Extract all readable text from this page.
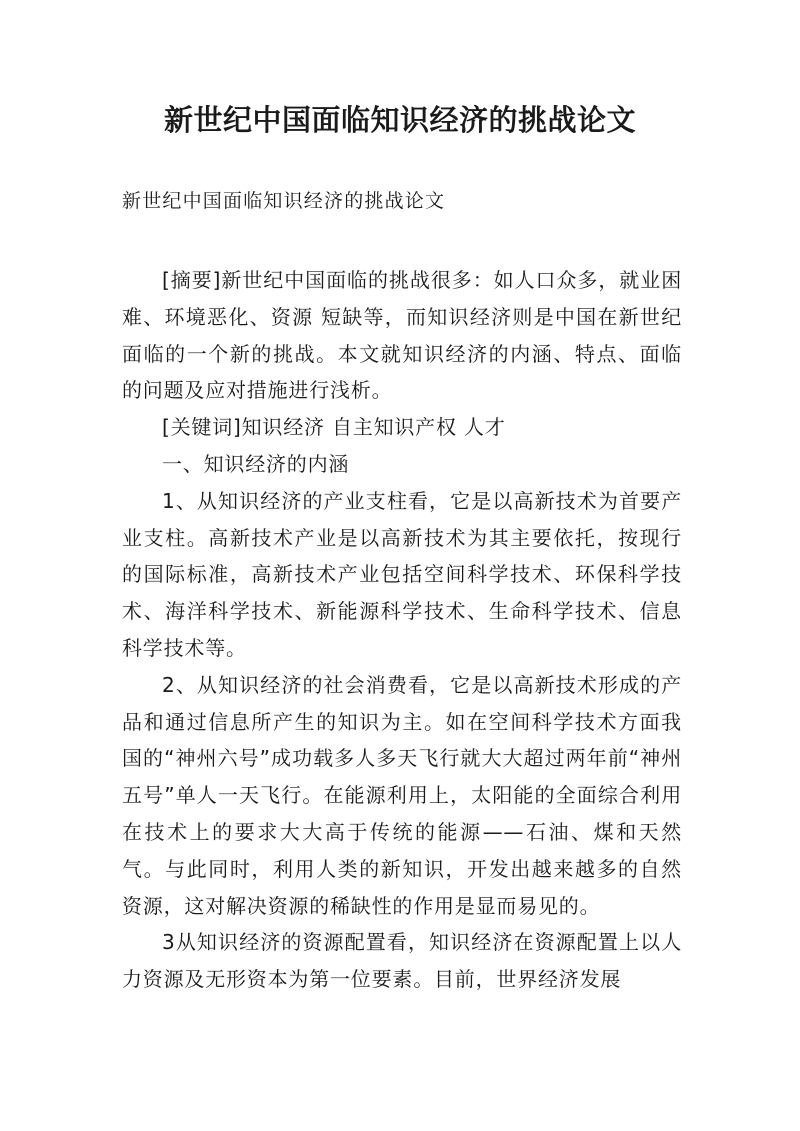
新世纪中国面临知识经济的挑战论文
新世纪中国面临知识经济的挑战论文

[摘要]新世纪中国面临的挑战很多：如人口众多，就业困难、环境恶化、资源 短缺等，而知识经济则是中国在新世纪面临的一个新的挑战。本文就知识经济的内涵、特点、面临的问题及应对措施进行浅析。

[关键词]知识经济 自主知识产权 人才

一、知识经济的内涵

1、从知识经济的产业支柱看，它是以高新技术为首要产业支柱。高新技术产业是以高新技术为其主要依托，按现行的国际标准，高新技术产业包括空间科学技术、环保科学技术、海洋科学技术、新能源科学技术、生命科学技术、信息科学技术等。

2、从知识经济的社会消费看，它是以高新技术形成的产品和通过信息所产生的知识为主。如在空间科学技术方面我国的“神州六号”成功载多人多天飞行就大大超过两年前“神州五号”单人一天飞行。在能源利用上，太阳能的全面综合利用在技术上的要求大大高于传统的能源——石油、煤和天然气。与此同时，利用人类的新知识，开发出越来越多的自然资源，这对解决资源的稀缺性的作用是显而易见的。

3从知识经济的资源配置看，知识经济在资源配置上以人力资源及无形资本为第一位要素。目前，世界经济发展
